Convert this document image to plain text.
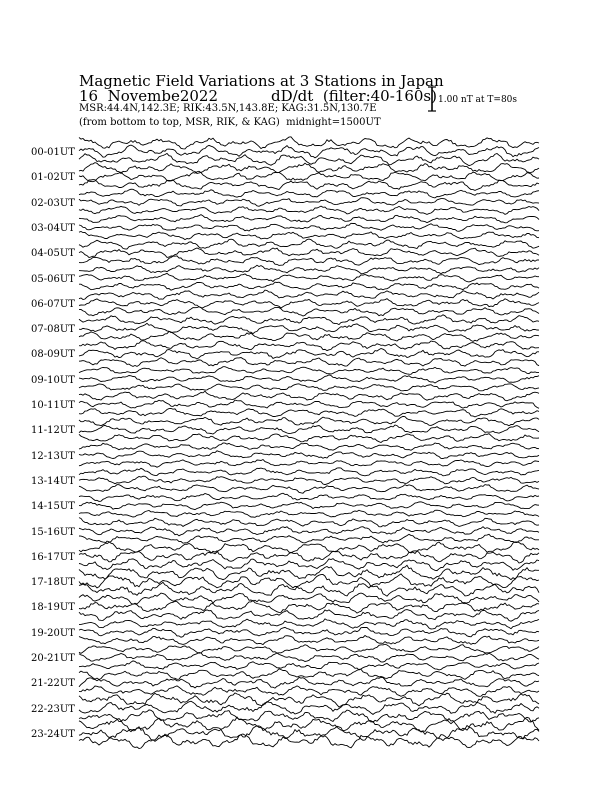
Magnetic Field Variations at 3 Stations in Japan
16  Novembe2022	dD/dt  (filter:40-160s)
MSR:44.4N,142.3E; RIK:43.5N,143.8E; KAG:31.5N,130.7E
(from bottom to top, MSR, RIK, & KAG)  midnight=1500UT
1.00 nT at T=80s
00-01UT
01-02UT
02-03UT
03-04UT
04-05UT
05-06UT
06-07UT
07-08UT
08-09UT
09-10UT
10-11UT
11-12UT
12-13UT
13-14UT
14-15UT
15-16UT
16-17UT
17-18UT
18-19UT
19-20UT
20-21UT
21-22UT
22-23UT
23-24UT
